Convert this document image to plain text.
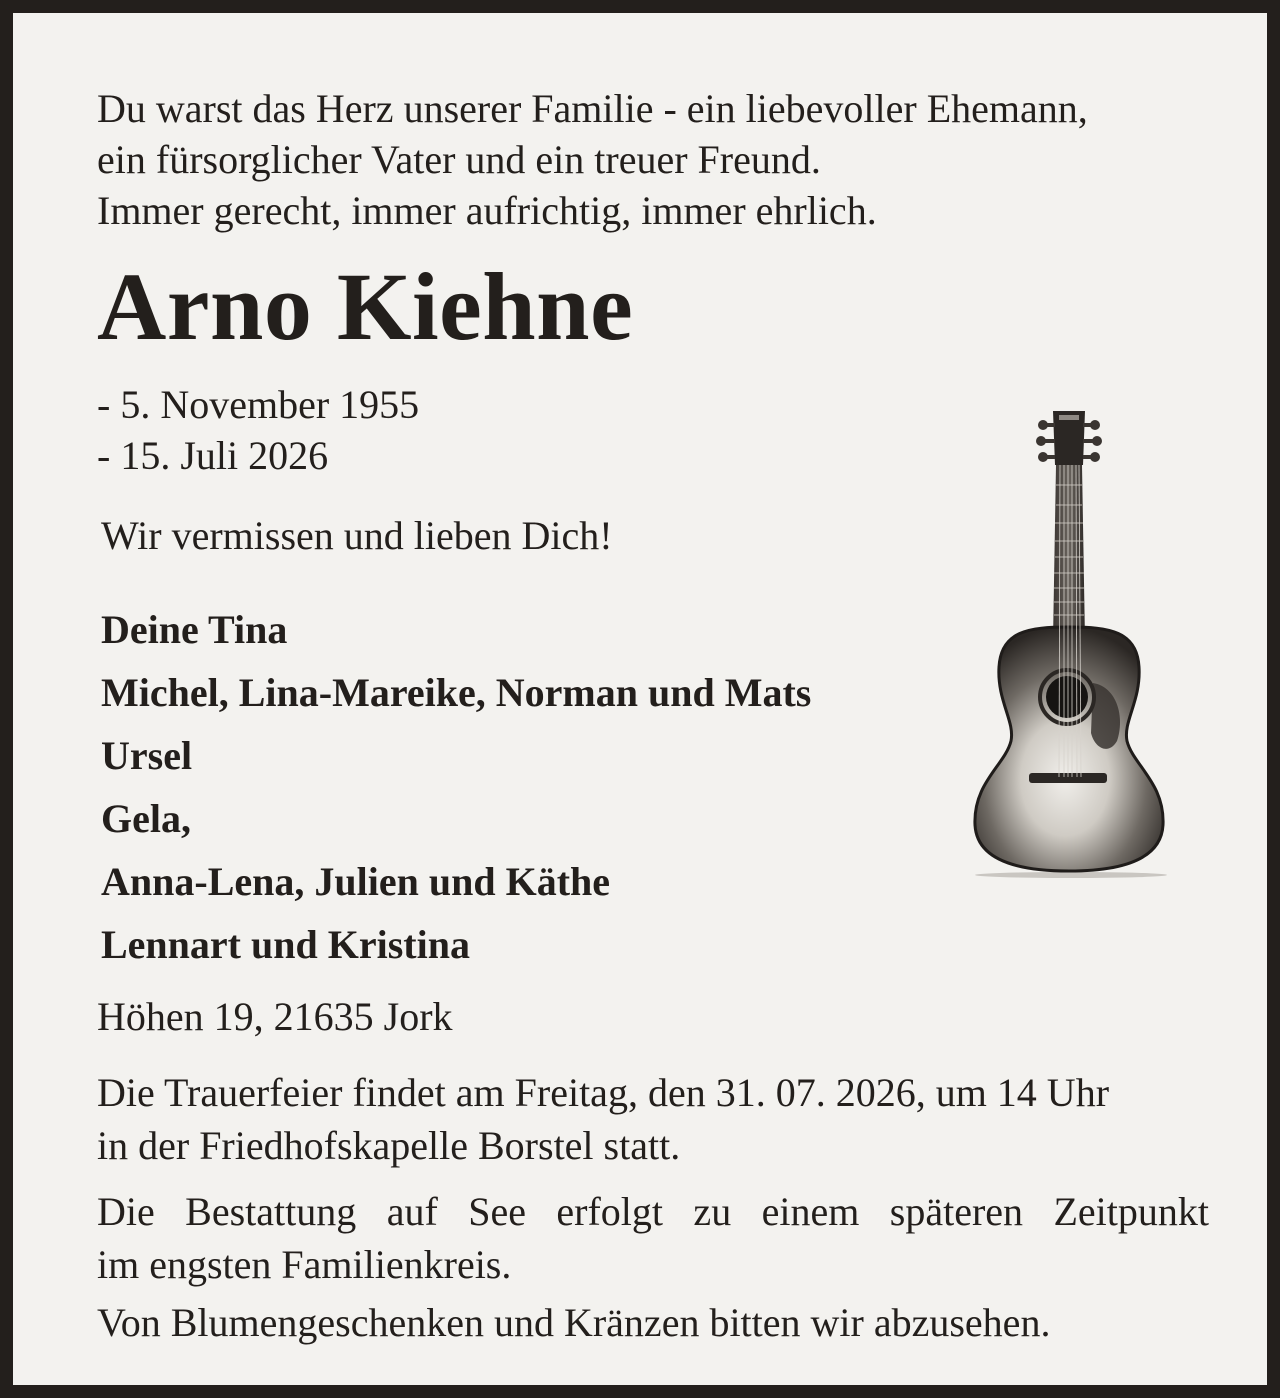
Du warst das Herz unserer Familie - ein liebevoller Ehemann,
ein fürsorglicher Vater und ein treuer Freund.
Immer gerecht, immer aufrichtig, immer ehrlich.
Arno Kiehne
- 5. November 1955
- 15. Juli 2026
Wir vermissen und lieben Dich!
Deine Tina
Michel, Lina-Mareike, Norman und Mats
Ursel
Gela,
Anna-Lena, Julien und Käthe
Lennart und Kristina
Höhen 19, 21635 Jork
Die Trauerfeier findet am Freitag, den 31. 07. 2026, um 14 Uhr
in der Friedhofskapelle Borstel statt.
Die Bestattung auf See erfolgt zu einem späteren Zeitpunkt
im engsten Familienkreis.
Von Blumengeschenken und Kränzen bitten wir abzusehen.
